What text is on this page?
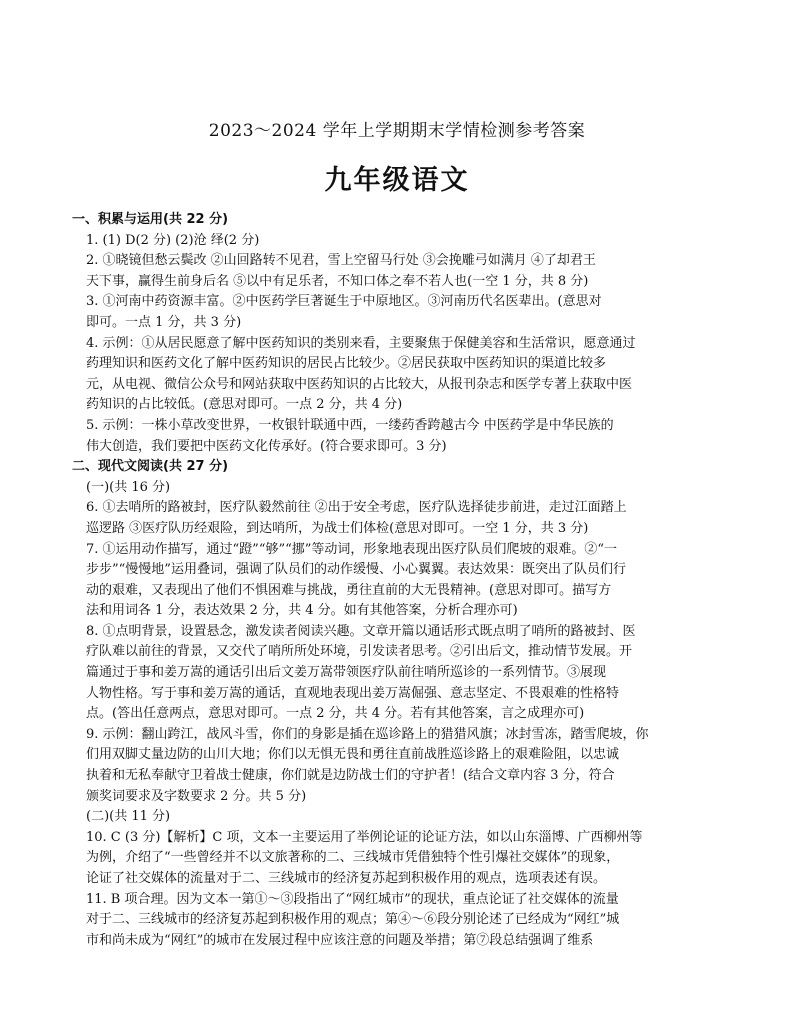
2023～2024 学年上学期期末学情检测参考答案
九年级语文
一、积累与运用(共 22 分)
1. (1) D(2 分) (2)沧 绎(2 分)
2. ①晓镜但愁云鬓改 ②山回路转不见君，雪上空留马行处 ③会挽雕弓如满月 ④了却君王
天下事，赢得生前身后名 ⑤以中有足乐者，不知口体之奉不若人也(一空 1 分，共 8 分)
3. ①河南中药资源丰富。②中医药学巨著诞生于中原地区。③河南历代名医辈出。(意思对
即可。一点 1 分，共 3 分)
4. 示例：①从居民愿意了解中医药知识的类别来看，主要聚焦于保健美容和生活常识，愿意通过
药理知识和医药文化了解中医药知识的居民占比较少。②居民获取中医药知识的渠道比较多
元，从电视、微信公众号和网站获取中医药知识的占比较大，从报刊杂志和医学专著上获取中医
药知识的占比较低。(意思对即可。一点 2 分，共 4 分)
5. 示例：一株小草改变世界，一枚银针联通中西，一缕药香跨越古今 中医药学是中华民族的
伟大创造，我们要把中医药文化传承好。(符合要求即可。3 分)
二、现代文阅读(共 27 分)
(一)(共 16 分)
6. ①去哨所的路被封，医疗队毅然前往 ②出于安全考虑，医疗队选择徒步前进，走过江面踏上
巡逻路 ③医疗队历经艰险，到达哨所，为战士们体检(意思对即可。一空 1 分，共 3 分)
7. ①运用动作描写，通过“蹬”“够”“挪”等动词，形象地表现出医疗队员们爬坡的艰难。②“一
步步”“慢慢地”运用叠词，强调了队员们的动作缓慢、小心翼翼。表达效果：既突出了队员们行
动的艰难，又表现出了他们不惧困难与挑战，勇往直前的大无畏精神。(意思对即可。描写方
法和用词各 1 分，表达效果 2 分，共 4 分。如有其他答案，分析合理亦可)
8. ①点明背景，设置悬念，激发读者阅读兴趣。文章开篇以通话形式既点明了哨所的路被封、医
疗队难以前往的背景，又交代了哨所所处环境，引发读者思考。②引出后文，推动情节发展。开
篇通过于事和姜万嵩的通话引出后文姜万嵩带领医疗队前往哨所巡诊的一系列情节。③展现
人物性格。写于事和姜万嵩的通话，直观地表现出姜万嵩倔强、意志坚定、不畏艰难的性格特
点。(答出任意两点，意思对即可。一点 2 分，共 4 分。若有其他答案，言之成理亦可)
9. 示例：翻山跨江，战风斗雪，你们的身影是插在巡诊路上的猎猎风旗；冰封雪冻，踏雪爬坡，你
们用双脚丈量边防的山川大地；你们以无惧无畏和勇往直前战胜巡诊路上的艰难险阻，以忠诚
执着和无私奉献守卫着战士健康，你们就是边防战士们的守护者！(结合文章内容 3 分，符合
颁奖词要求及字数要求 2 分。共 5 分)
(二)(共 11 分)
10. C (3 分)【解析】C 项，文本一主要运用了举例论证的论证方法，如以山东淄博、广西柳州等
为例，介绍了“一些曾经并不以文旅著称的二、三线城市凭借独特个性引爆社交媒体”的现象，
论证了社交媒体的流量对于二、三线城市的经济复苏起到积极作用的观点，选项表述有误。
11. B 项合理。因为文本一第①～③段指出了“网红城市”的现状，重点论证了社交媒体的流量
对于二、三线城市的经济复苏起到积极作用的观点；第④～⑥段分别论述了已经成为“网红”城
市和尚未成为“网红”的城市在发展过程中应该注意的问题及举措；第⑦段总结强调了维系
